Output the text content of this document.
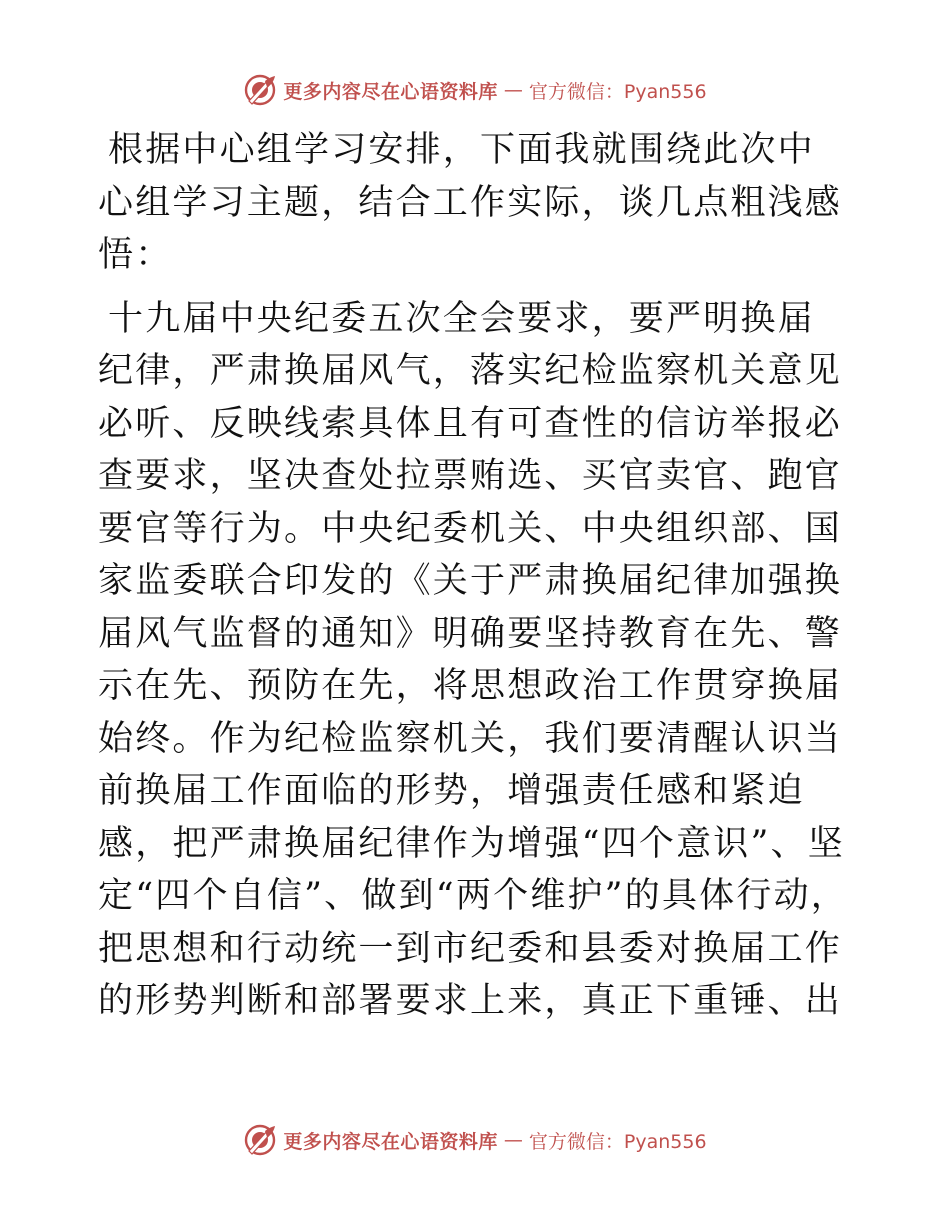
更多内容尽在心语资料库 — 官方微信：Pyan556

根据中心组学习安排，下面我就围绕此次中心组学习主题，结合工作实际，谈几点粗浅感悟：

十九届中央纪委五次全会要求，要严明换届纪律，严肃换届风气，落实纪检监察机关意见必听、反映线索具体且有可查性的信访举报必查要求，坚决查处拉票贿选、买官卖官、跑官要官等行为。中央纪委机关、中央组织部、国家监委联合印发的《关于严肃换届纪律加强换届风气监督的通知》明确要坚持教育在先、警示在先、预防在先，将思想政治工作贯穿换届始终。作为纪检监察机关，我们要清醒认识当前换届工作面临的形势，增强责任感和紧迫感，把严肃换届纪律作为增强“四个意识”、坚定“四个自信”、做到“两个维护”的具体行动，把思想和行动统一到市纪委和县委对换届工作的形势判断和部署要求上来，真正下重锤、出

更多内容尽在心语资料库 — 官方微信：Pyan556
